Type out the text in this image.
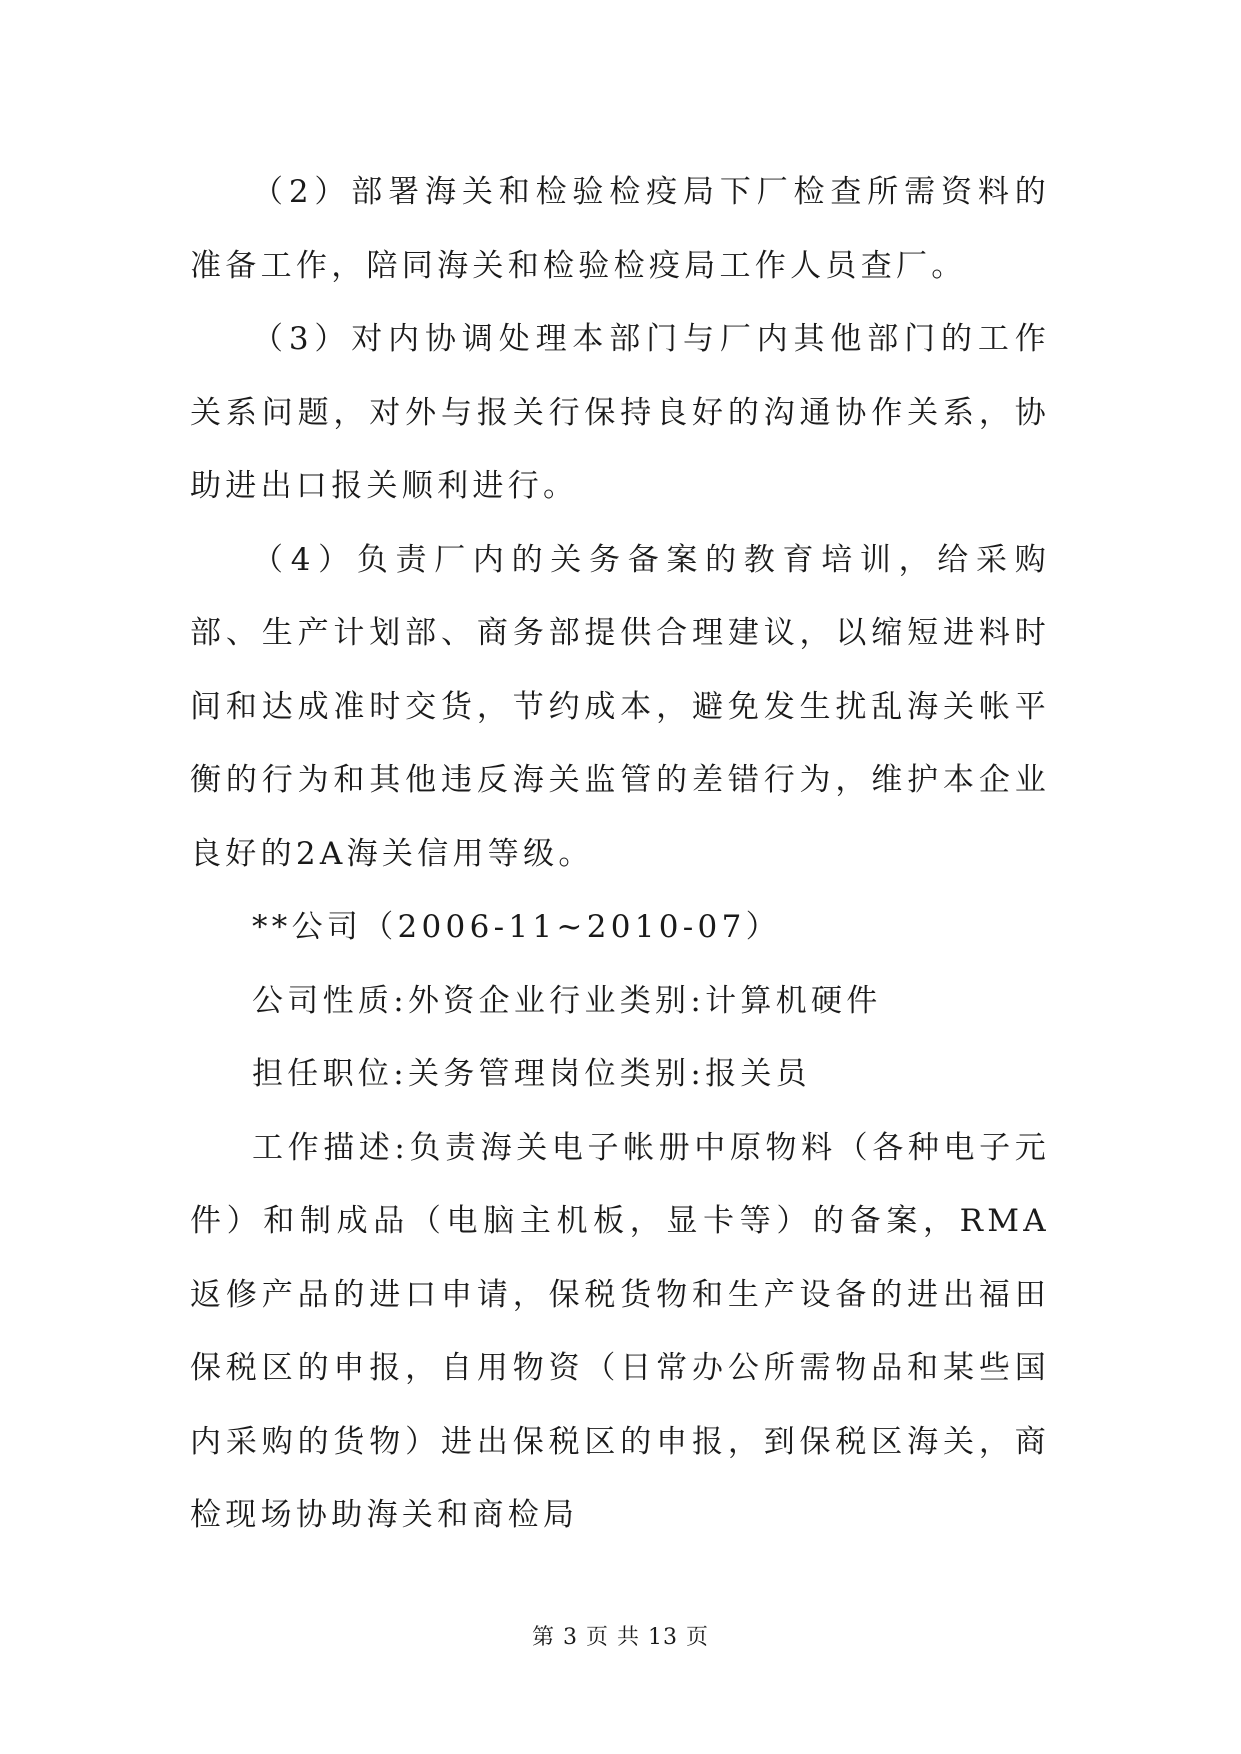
（2）部署海关和检验检疫局下厂检查所需资料的准备工作，陪同海关和检验检疫局工作人员查厂。

（3）对内协调处理本部门与厂内其他部门的工作关系问题，对外与报关行保持良好的沟通协作关系，协助进出口报关顺利进行。

（4）负责厂内的关务备案的教育培训，给采购部、生产计划部、商务部提供合理建议，以缩短进料时间和达成准时交货，节约成本，避免发生扰乱海关帐平衡的行为和其他违反海关监管的差错行为，维护本企业良好的2A海关信用等级。

**公司（2006-11~2010-07）

公司性质:外资企业行业类别:计算机硬件

担任职位:关务管理岗位类别:报关员

工作描述:负责海关电子帐册中原物料（各种电子元件）和制成品（电脑主机板，显卡等）的备案，RMA返修产品的进口申请，保税货物和生产设备的进出福田保税区的申报，自用物资（日常办公所需物品和某些国内采购的货物）进出保税区的申报，到保税区海关，商检现场协助海关和商检局

第 3 页 共 13 页
